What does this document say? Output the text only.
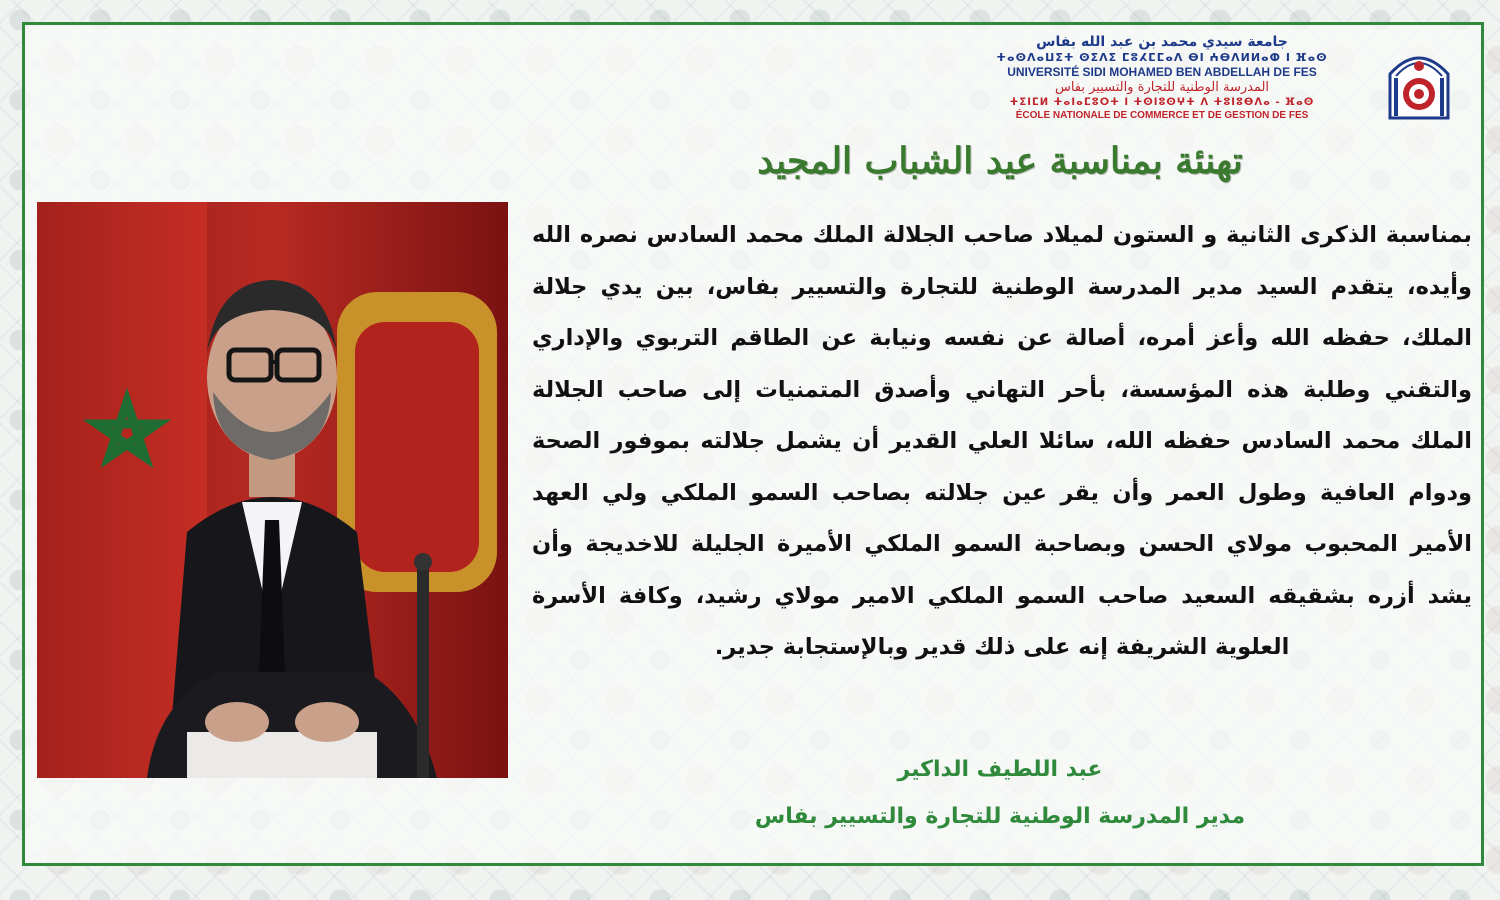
جامعة سيدي محمد بن عبد الله بفاس
ⵜⴰⵙⴷⴰⵡⵉⵜ ⵙⵉⴷⵉ ⵎⵓⵃⵎⵎⴰⴷ ⴱⵏ ⵄⴱⴷⵍⵍⴰⵀ ⵏ ⴼⴰⵙ
UNIVERSITÉ SIDI MOHAMED BEN ABDELLAH DE FES
المدرسة الوطنية للتجارة والتسيير بفاس
ⵜⵉⵏⵎⵍ ⵜⴰⵏⴰⵎⵓⵔⵜ ⵏ ⵜⵙⵏⵓⵙⵖⵜ ⴷ ⵜⵓⵏⵓⴱⴷⴰ - ⴼⴰⵙ
ÉCOLE NATIONALE DE COMMERCE ET DE GESTION DE FES
تهنئة بمناسبة عيد الشباب المجيد
بمناسبة الذكرى الثانية و الستون لميلاد صاحب الجلالة الملك محمد السادس نصره الله وأيده، يتقدم السيد مدير المدرسة الوطنية للتجارة والتسيير بفاس، بين يدي جلالة الملك، حفظه الله وأعز أمره، أصالة عن نفسه ونيابة عن الطاقم التربوي والإداري والتقني وطلبة هذه المؤسسة، بأحر التهاني وأصدق المتمنيات إلى صاحب الجلالة الملك محمد السادس حفظه الله، سائلا العلي القدير أن يشمل جلالته بموفور الصحة ودوام العافية وطول العمر وأن يقر عين جلالته بصاحب السمو الملكي ولي العهد الأمير المحبوب مولاي الحسن وبصاحبة السمو الملكي الأميرة الجليلة للاخديجة وأن يشد أزره بشقيقه السعيد صاحب السمو الملكي الامير مولاي رشيد، وكافة الأسرة العلوية الشريفة إنه على ذلك قدير وبالإستجابة جدير.
عبد اللطيف الداكير
مدير المدرسة الوطنية للتجارة والتسيير بفاس
